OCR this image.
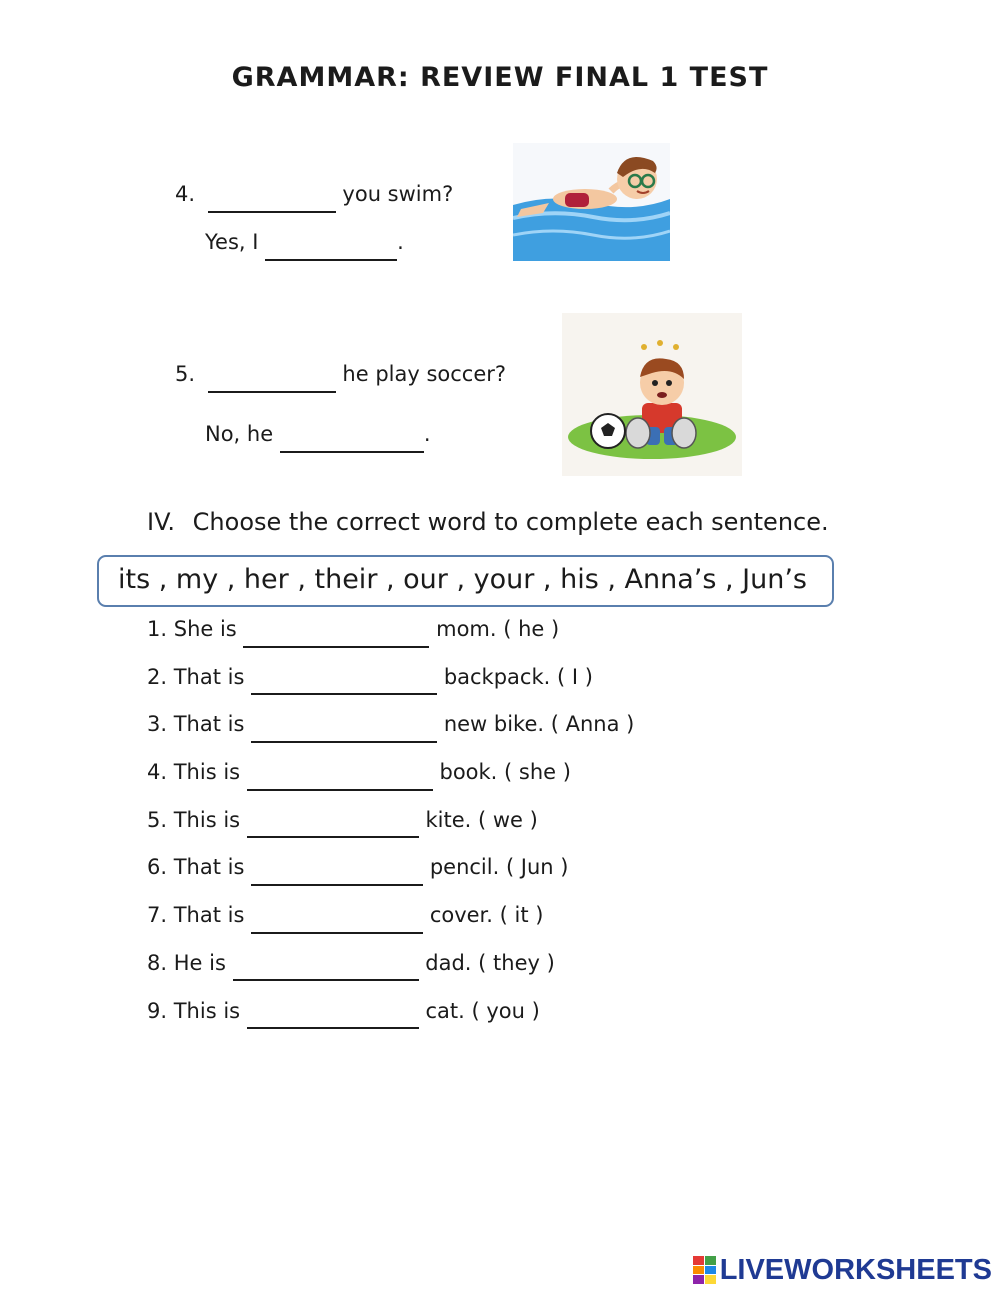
GRAMMAR: REVIEW FINAL 1 TEST
4.	you swim?
Yes, I	.
5.	he play soccer?
No, he	.
IV. Choose the correct word to complete each sentence.
its , my , her , their , our , your , his , Anna’s , Jun’s
1. She is	mom. ( he )
2. That is	backpack. ( I )
3. That is	new bike. ( Anna )
4. This is	book. ( she )
5. This is	kite. ( we )
6. That is	pencil. ( Jun )
7. That is	cover. ( it )
8. He is	dad. ( they )
9. This is	cat. ( you )
LIVEWORKSHEETS
